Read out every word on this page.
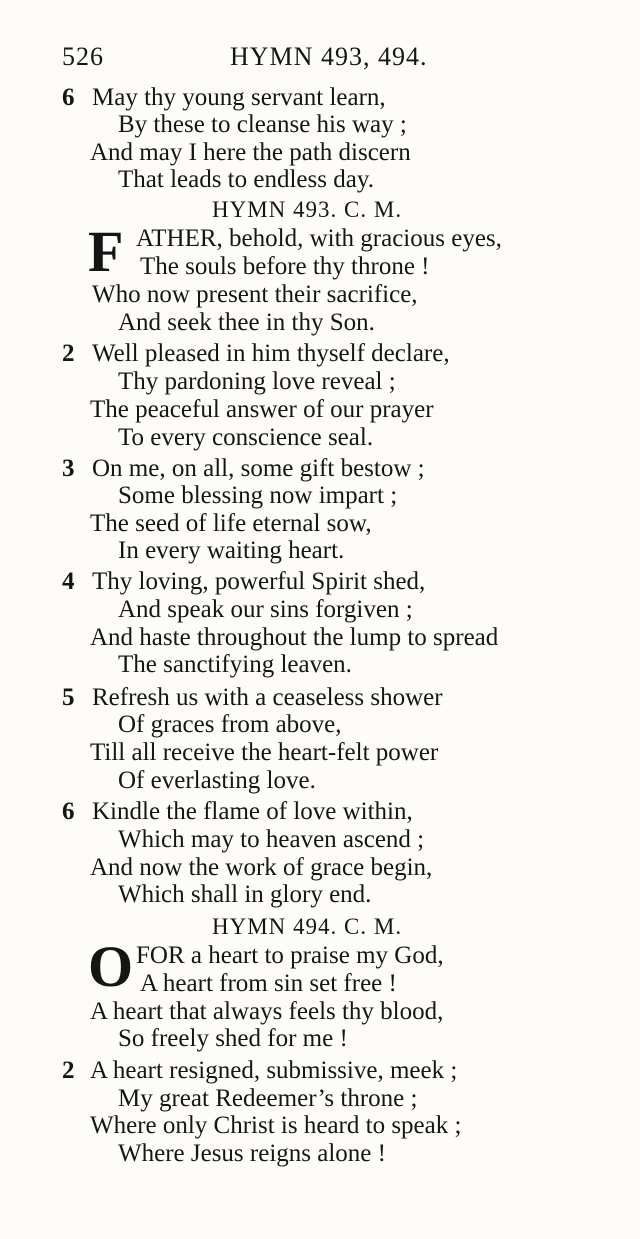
526	HYMN 493, 494.
6 May thy young servant learn,
By these to cleanse his way ;
And may I here the path discern
That leads to endless day.
HYMN 493. C. M.
F ATHER, behold, with gracious eyes,
The souls before thy throne !
Who now present their sacrifice,
And seek thee in thy Son.
2 Well pleased in him thyself declare,
Thy pardoning love reveal ;
The peaceful answer of our prayer
To every conscience seal.
3 On me, on all, some gift bestow ;
Some blessing now impart ;
The seed of life eternal sow,
In every waiting heart.
4 Thy loving, powerful Spirit shed,
And speak our sins forgiven ;
And haste throughout the lump to spread
The sanctifying leaven.
5 Refresh us with a ceaseless shower
Of graces from above,
Till all receive the heart-felt power
Of everlasting love.
6 Kindle the flame of love within,
Which may to heaven ascend ;
And now the work of grace begin,
Which shall in glory end.
HYMN 494. C. M.
O FOR a heart to praise my God,
A heart from sin set free !
A heart that always feels thy blood,
So freely shed for me !
2 A heart resigned, submissive, meek ;
My great Redeemer’s throne ;
Where only Christ is heard to speak ;
Where Jesus reigns alone !
